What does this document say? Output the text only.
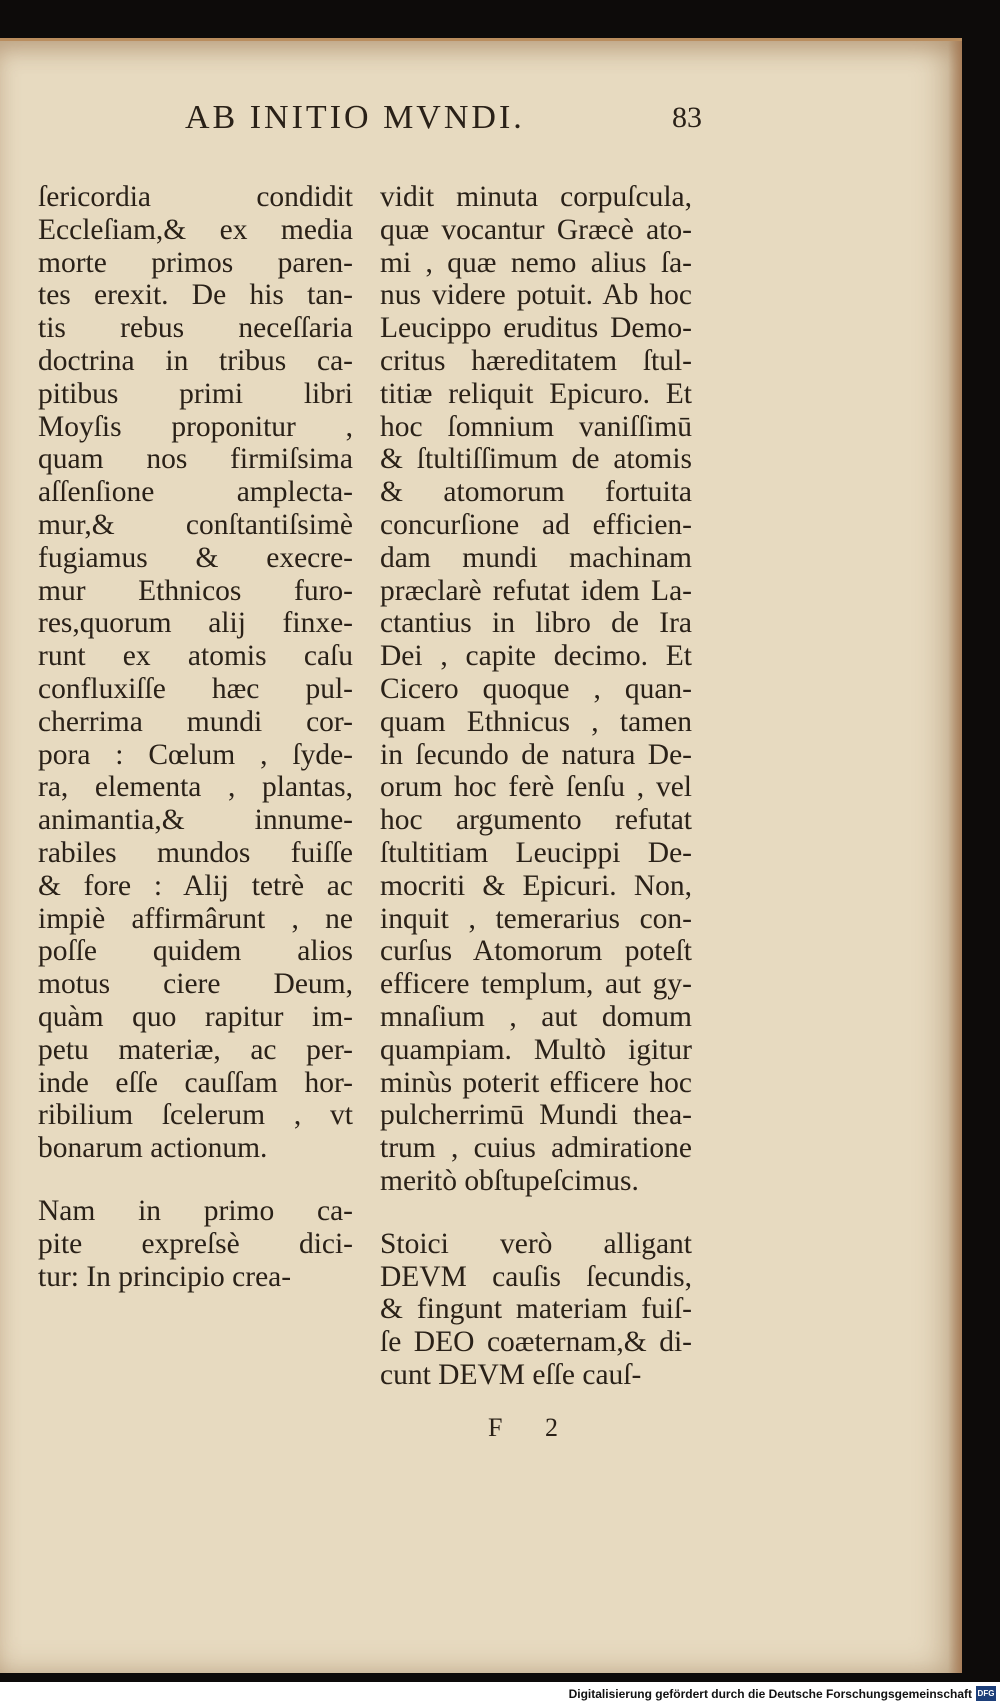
AB INITIO MVNDI.	83
ſericordia condidit
Eccleſiam,& ex media
morte primos paren-
tes erexit. De his tan-
tis rebus neceſſaria
doctrina in tribus ca-
pitibus primi libri
Moyſis proponitur ,
quam nos firmiſsima
aſſenſione amplecta-
mur,& conſtantiſsimè
fugiamus & execre-
mur Ethnicos furo-
res,quorum alij finxe-
runt ex atomis caſu
confluxiſſe hæc pul-
cherrima mundi cor-
pora : Cœlum , ſyde-
ra, elementa , plantas,
animantia,& innume-
rabiles mundos fuiſſe
& fore : Alij tetrè ac
impiè affirmârunt , ne
poſſe quidem alios
motus ciere Deum,
quàm quo rapitur im-
petu materiæ, ac per-
inde eſſe cauſſam hor-
ribilium ſcelerum , vt
bonarum actionum.
Nam in primo ca-
pite expreſsè dici-
tur: In principio crea-
vidit minuta corpuſcula,
quæ vocantur Græcè ato-
mi , quæ nemo alius ſa-
nus videre potuit. Ab hoc
Leucippo eruditus Demo-
critus hæreditatem ſtul-
titiæ reliquit Epicuro. Et
hoc ſomnium vaniſſimū
& ſtultiſſimum de atomis
& atomorum fortuita
concurſione ad efficien-
dam mundi machinam
præclarè refutat idem La-
ctantius in libro de Ira
Dei , capite decimo. Et
Cicero quoque , quan-
quam Ethnicus , tamen
in ſecundo de natura De-
orum hoc ferè ſenſu , vel
hoc argumento refutat
ſtultitiam Leucippi De-
mocriti & Epicuri. Non,
inquit , temerarius con-
curſus Atomorum poteſt
efficere templum, aut gy-
mnaſium , aut domum
quampiam. Multò igitur
minùs poterit efficere hoc
pulcherrimū Mundi thea-
trum , cuius admiratione
meritò obſtupeſcimus.
Stoici verò alligant
DEVM cauſis ſecundis,
& fingunt materiam fuiſ-
ſe DEO coæternam,& di-
cunt DEVM eſſe cauſ-
F 2
Digitalisierung gefördert durch die Deutsche Forschungsgemeinschaft DFG
